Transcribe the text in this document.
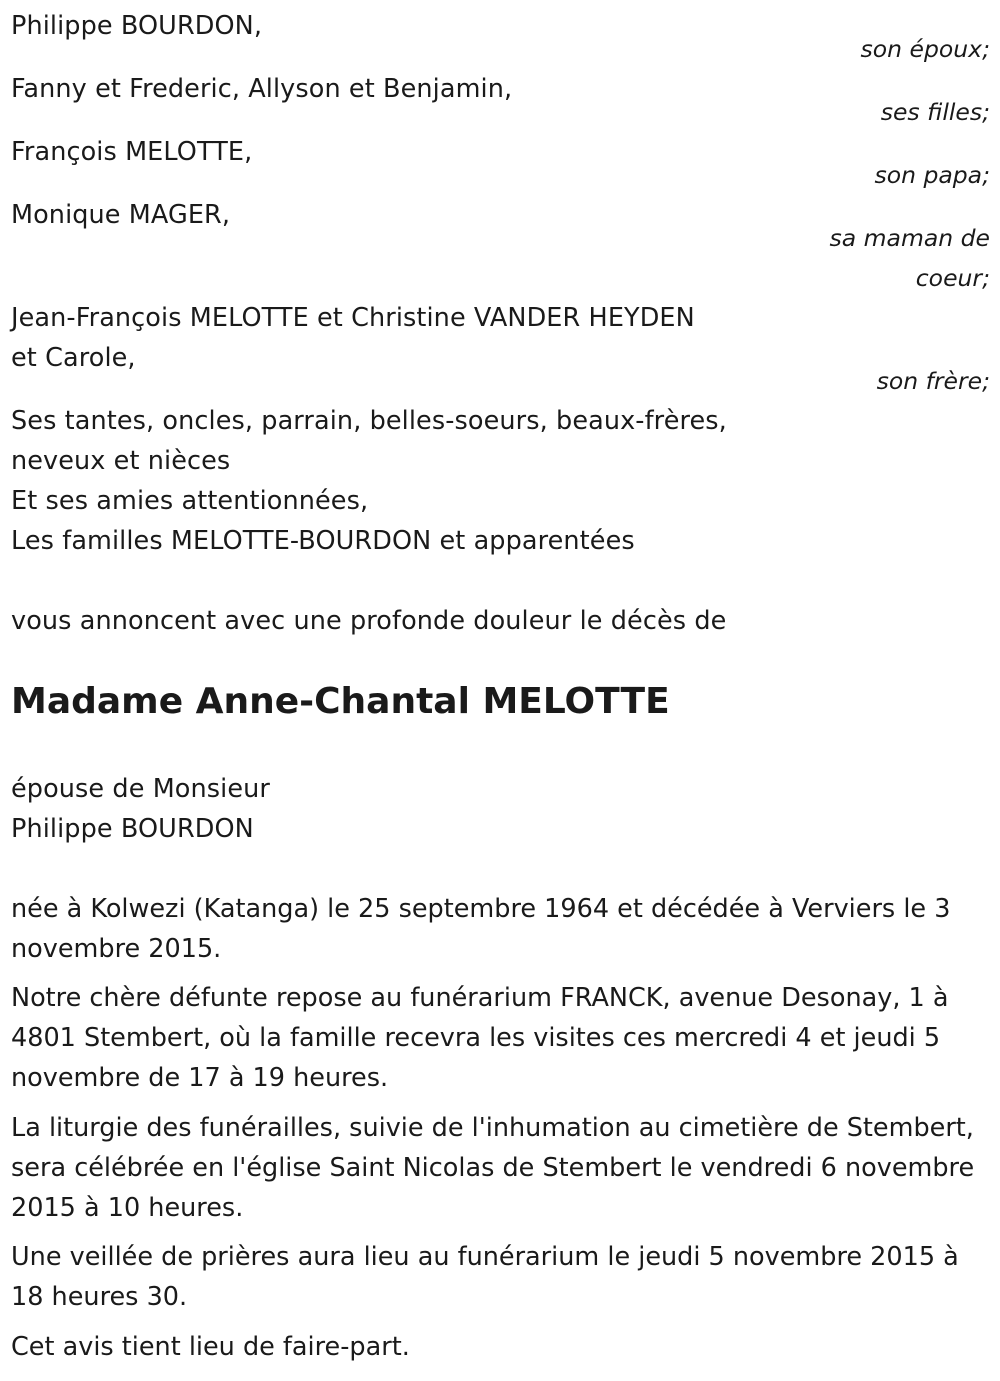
Philippe BOURDON,
son époux;
Fanny et Frederic, Allyson et Benjamin,
ses filles;
François MELOTTE,
son papa;
Monique MAGER,
sa maman de
coeur;
Jean-François MELOTTE et Christine VANDER HEYDEN
et Carole,
son frère;
Ses tantes, oncles, parrain, belles-soeurs, beaux-frères,
neveux et nièces
Et ses amies attentionnées,
Les familles MELOTTE-BOURDON et apparentées
vous annoncent avec une profonde douleur le décès de
Madame Anne-Chantal MELOTTE
épouse de Monsieur
Philippe BOURDON
née à Kolwezi (Katanga) le 25 septembre 1964 et décédée à Verviers le 3 novembre 2015.
Notre chère défunte repose au funérarium FRANCK, avenue Desonay, 1 à 4801 Stembert, où la famille recevra les visites ces mercredi 4 et jeudi 5 novembre de 17 à 19 heures.
La liturgie des funérailles, suivie de l'inhumation au cimetière de Stembert, sera célébrée en l'église Saint Nicolas de Stembert le vendredi 6 novembre 2015 à 10 heures.
Une veillée de prières aura lieu au funérarium le jeudi 5 novembre 2015 à 18 heures 30.
Cet avis tient lieu de faire-part.
